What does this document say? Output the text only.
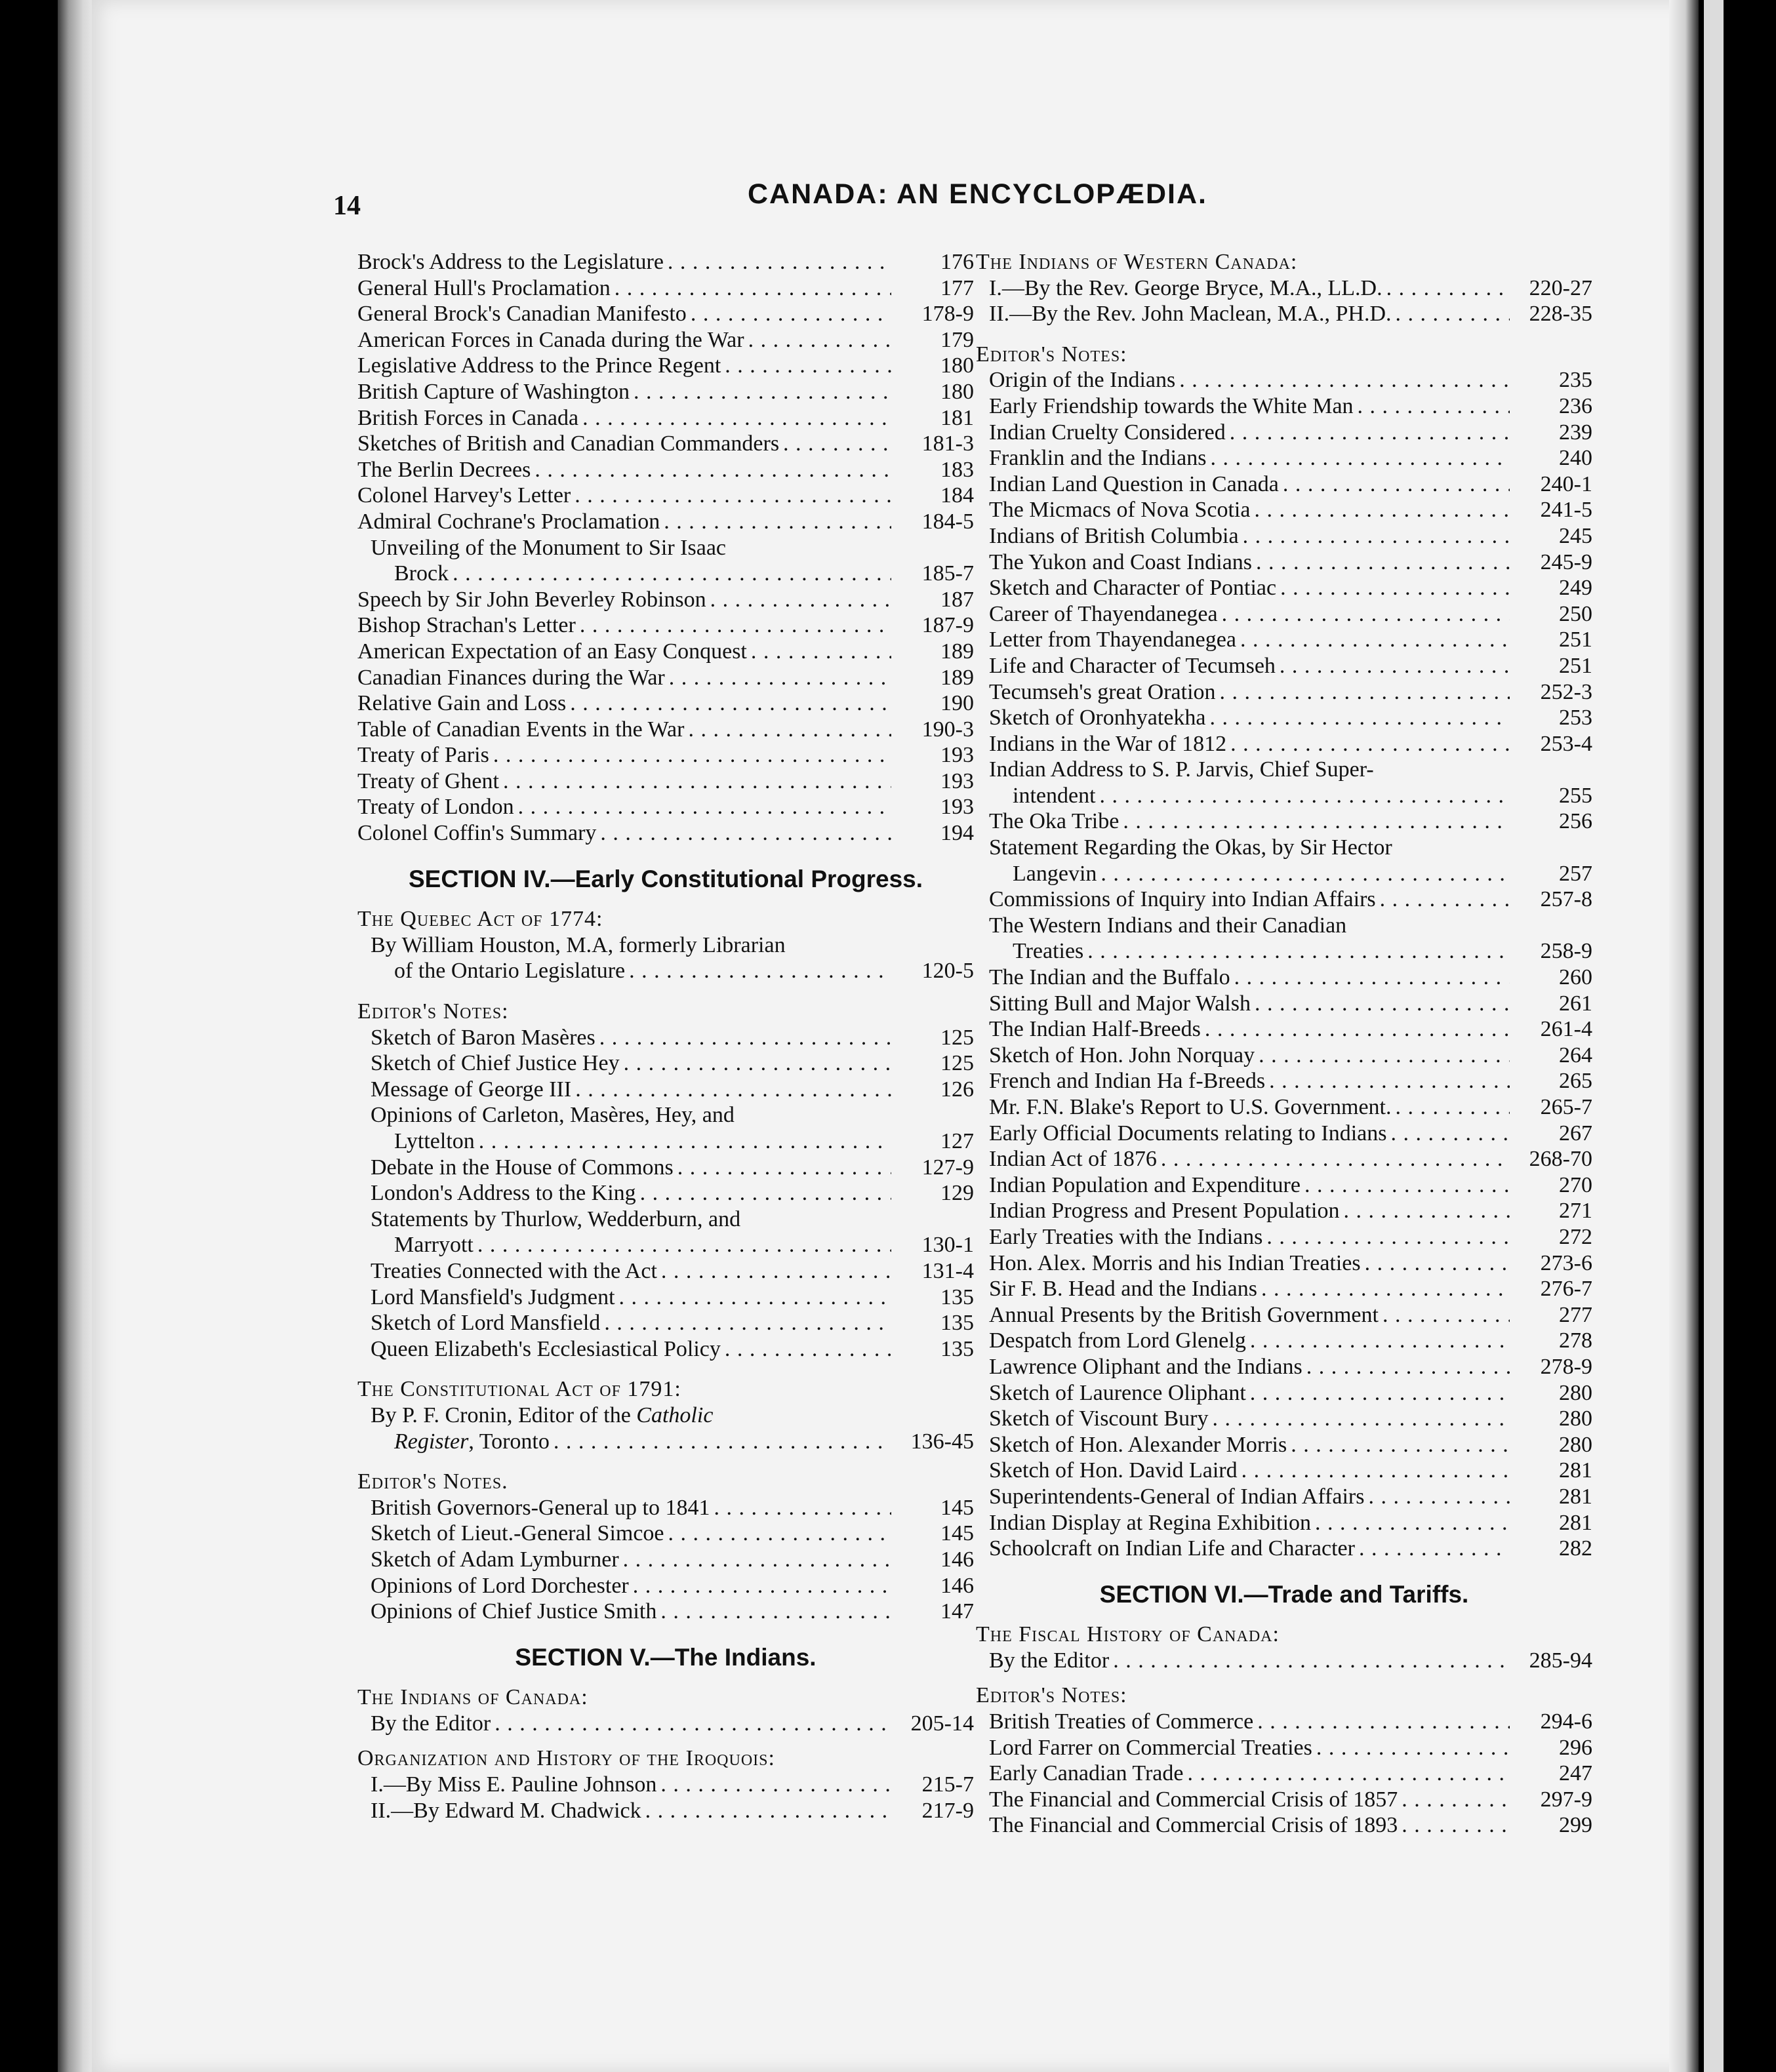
14	CANADA: AN ENCYCLOPÆDIA.
Brock's Address to the Legislature . . .	176
General Hull's Proclamation . . .	177
General Brock's Canadian Manifesto . . .	178-9
American Forces in Canada during the War . . .	179
Legislative Address to the Prince Regent . . .	180
British Capture of Washington . . .	180
British Forces in Canada . . .	181
Sketches of British and Canadian Commanders . . .	181-3
The Berlin Decrees . . .	183
Colonel Harvey's Letter . . .	184
Admiral Cochrane's Proclamation . . .	184-5
Unveiling of the Monument to Sir Isaac
Brock . . .	185-7
Speech by Sir John Beverley Robinson . . .	187
Bishop Strachan's Letter . . .	187-9
American Expectation of an Easy Conquest . . .	189
Canadian Finances during the War . . .	189
Relative Gain and Loss . . .	190
Table of Canadian Events in the War . . .	190-3
Treaty of Paris . . .	193
Treaty of Ghent . . .	193
Treaty of London . . .	193
Colonel Coffin's Summary . . .	194
SECTION IV.—Early Constitutional Progress.
The Quebec Act of 1774:
By William Houston, M.A, formerly Librarian
of the Ontario Legislature . . .	120-5
Editor's Notes:
Sketch of Baron Masères . . .	125
Sketch of Chief Justice Hey . . .	125
Message of George III . . .	126
Opinions of Carleton, Masères, Hey, and
Lyttelton . . .	127
Debate in the House of Commons . . .	127-9
London's Address to the King . . .	129
Statements by Thurlow, Wedderburn, and
Marryott . . .	130-1
Treaties Connected with the Act . . .	131-4
Lord Mansfield's Judgment . . .	135
Sketch of Lord Mansfield . . .	135
Queen Elizabeth's Ecclesiastical Policy . . .	135
The Constitutional Act of 1791:
By P. F. Cronin, Editor of the Catholic
Register, Toronto . . .	136-45
Editor's Notes.
British Governors-General up to 1841 . . .	145
Sketch of Lieut.-General Simcoe . . .	145
Sketch of Adam Lymburner . . .	146
Opinions of Lord Dorchester . . .	146
Opinions of Chief Justice Smith . . .	147
SECTION V.—The Indians.
The Indians of Canada:
By the Editor . . .	205-14
Organization and History of the Iroquois:
I.—By Miss E. Pauline Johnson . . .	215-7
II.—By Edward M. Chadwick . . .	217-9
The Indians of Western Canada:
I.—By the Rev. George Bryce, M.A., LL.D. . . .	220-27
II.—By the Rev. John Maclean, M.A., PH.D. . . .	228-35
Editor's Notes:
Origin of the Indians . . .	235
Early Friendship towards the White Man . . .	236
Indian Cruelty Considered . . .	239
Franklin and the Indians . . .	240
Indian Land Question in Canada . . .	240-1
The Micmacs of Nova Scotia . . .	241-5
Indians of British Columbia . . .	245
The Yukon and Coast Indians . . .	245-9
Sketch and Character of Pontiac . . .	249
Career of Thayendanegea . . .	250
Letter from Thayendanegea . . .	251
Life and Character of Tecumseh . . .	251
Tecumseh's great Oration . . .	252-3
Sketch of Oronhyatekha . . .	253
Indians in the War of 1812 . . .	253-4
Indian Address to S. P. Jarvis, Chief Super-
intendent . . .	255
The Oka Tribe . . .	256
Statement Regarding the Okas, by Sir Hector
Langevin . . .	257
Commissions of Inquiry into Indian Affairs . . .	257-8
The Western Indians and their Canadian
Treaties . . .	258-9
The Indian and the Buffalo . . .	260
Sitting Bull and Major Walsh . . .	261
The Indian Half-Breeds . . .	261-4
Sketch of Hon. John Norquay . . .	264
French and Indian Ha f-Breeds . . .	265
Mr. F.N. Blake's Report to U.S. Government. . . .	265-7
Early Official Documents relating to Indians . . .	267
Indian Act of 1876 . . .	268-70
Indian Population and Expenditure . . .	270
Indian Progress and Present Population . . .	271
Early Treaties with the Indians . . .	272
Hon. Alex. Morris and his Indian Treaties . . .	273-6
Sir F. B. Head and the Indians . . .	276-7
Annual Presents by the British Government . . .	277
Despatch from Lord Glenelg . . .	278
Lawrence Oliphant and the Indians . . .	278-9
Sketch of Laurence Oliphant . . .	280
Sketch of Viscount Bury . . .	280
Sketch of Hon. Alexander Morris . . .	280
Sketch of Hon. David Laird . . .	281
Superintendents-General of Indian Affairs . . .	281
Indian Display at Regina Exhibition . . .	281
Schoolcraft on Indian Life and Character . . .	282
SECTION VI.—Trade and Tariffs.
The Fiscal History of Canada:
By the Editor . . .	285-94
Editor's Notes:
British Treaties of Commerce . . .	294-6
Lord Farrer on Commercial Treaties . . .	296
Early Canadian Trade . . .	247
The Financial and Commercial Crisis of 1857 . . .	297-9
The Financial and Commercial Crisis of 1893 . . .	299
